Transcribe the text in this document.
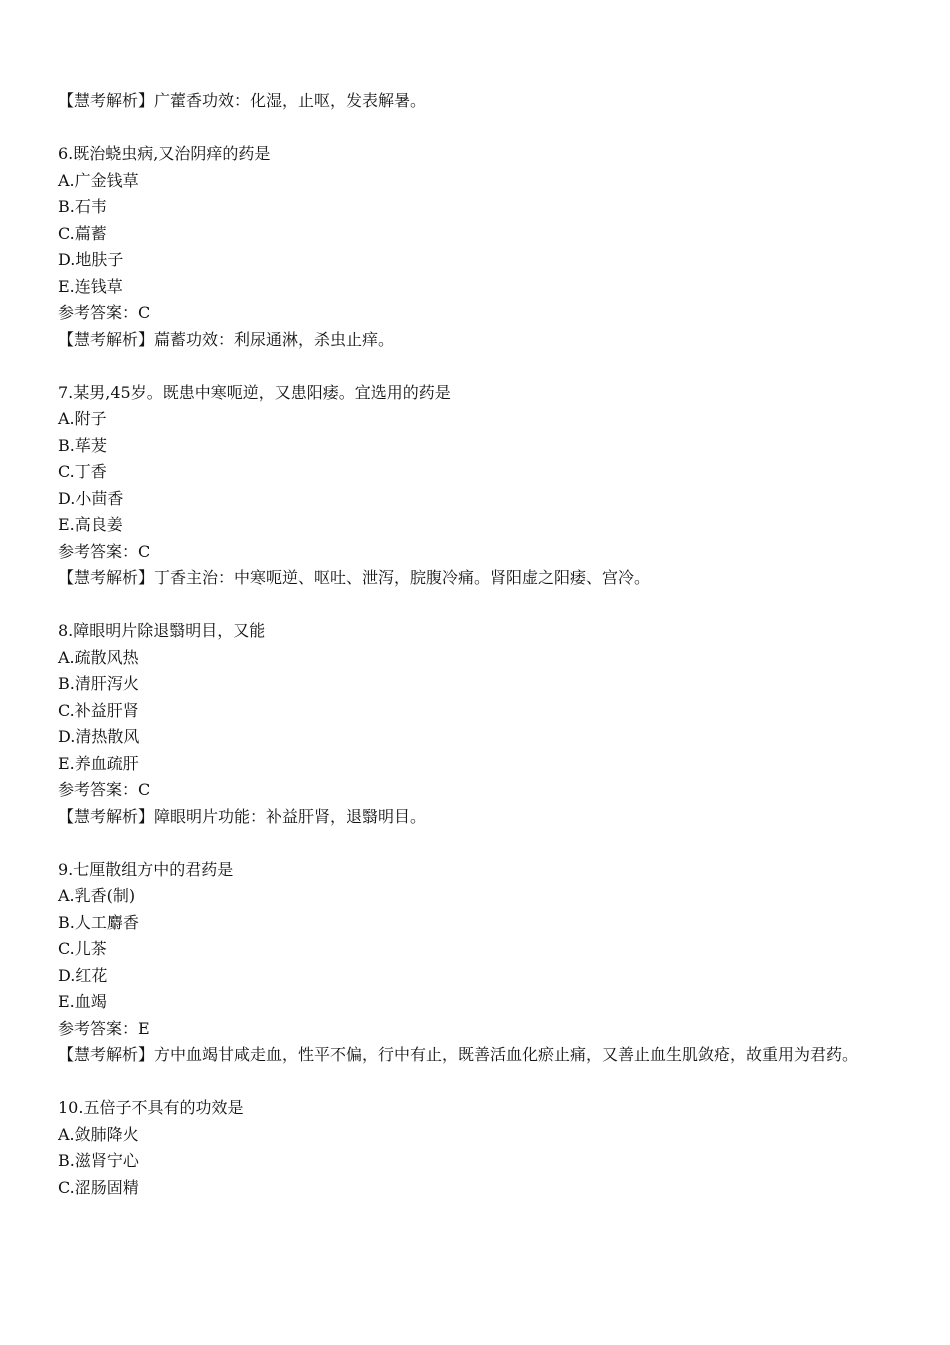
【慧考解析】广藿香功效：化湿，止呕，发表解暑。
6.既治蛲虫病,又治阴痒的药是
A.广金钱草
B.石韦
C.萹蓄
D.地肤子
E.连钱草
参考答案：C
【慧考解析】萹蓄功效：利尿通淋，杀虫止痒。
7.某男,45岁。既患中寒呃逆，又患阳痿。宜选用的药是
A.附子
B.荜茇
C.丁香
D.小茴香
E.高良姜
参考答案：C
【慧考解析】丁香主治：中寒呃逆、呕吐、泄泻，脘腹冷痛。肾阳虚之阳痿、宫冷。
8.障眼明片除退翳明目，又能
A.疏散风热
B.清肝泻火
C.补益肝肾
D.清热散风
E.养血疏肝
参考答案：C
【慧考解析】障眼明片功能：补益肝肾，退翳明目。
9.七厘散组方中的君药是
A.乳香(制)
B.人工麝香
C.儿茶
D.红花
E.血竭
参考答案：E
【慧考解析】方中血竭甘咸走血，性平不偏，行中有止，既善活血化瘀止痛，又善止血生肌敛疮，故重用为君药。
10.五倍子不具有的功效是
A.敛肺降火
B.滋肾宁心
C.涩肠固精
